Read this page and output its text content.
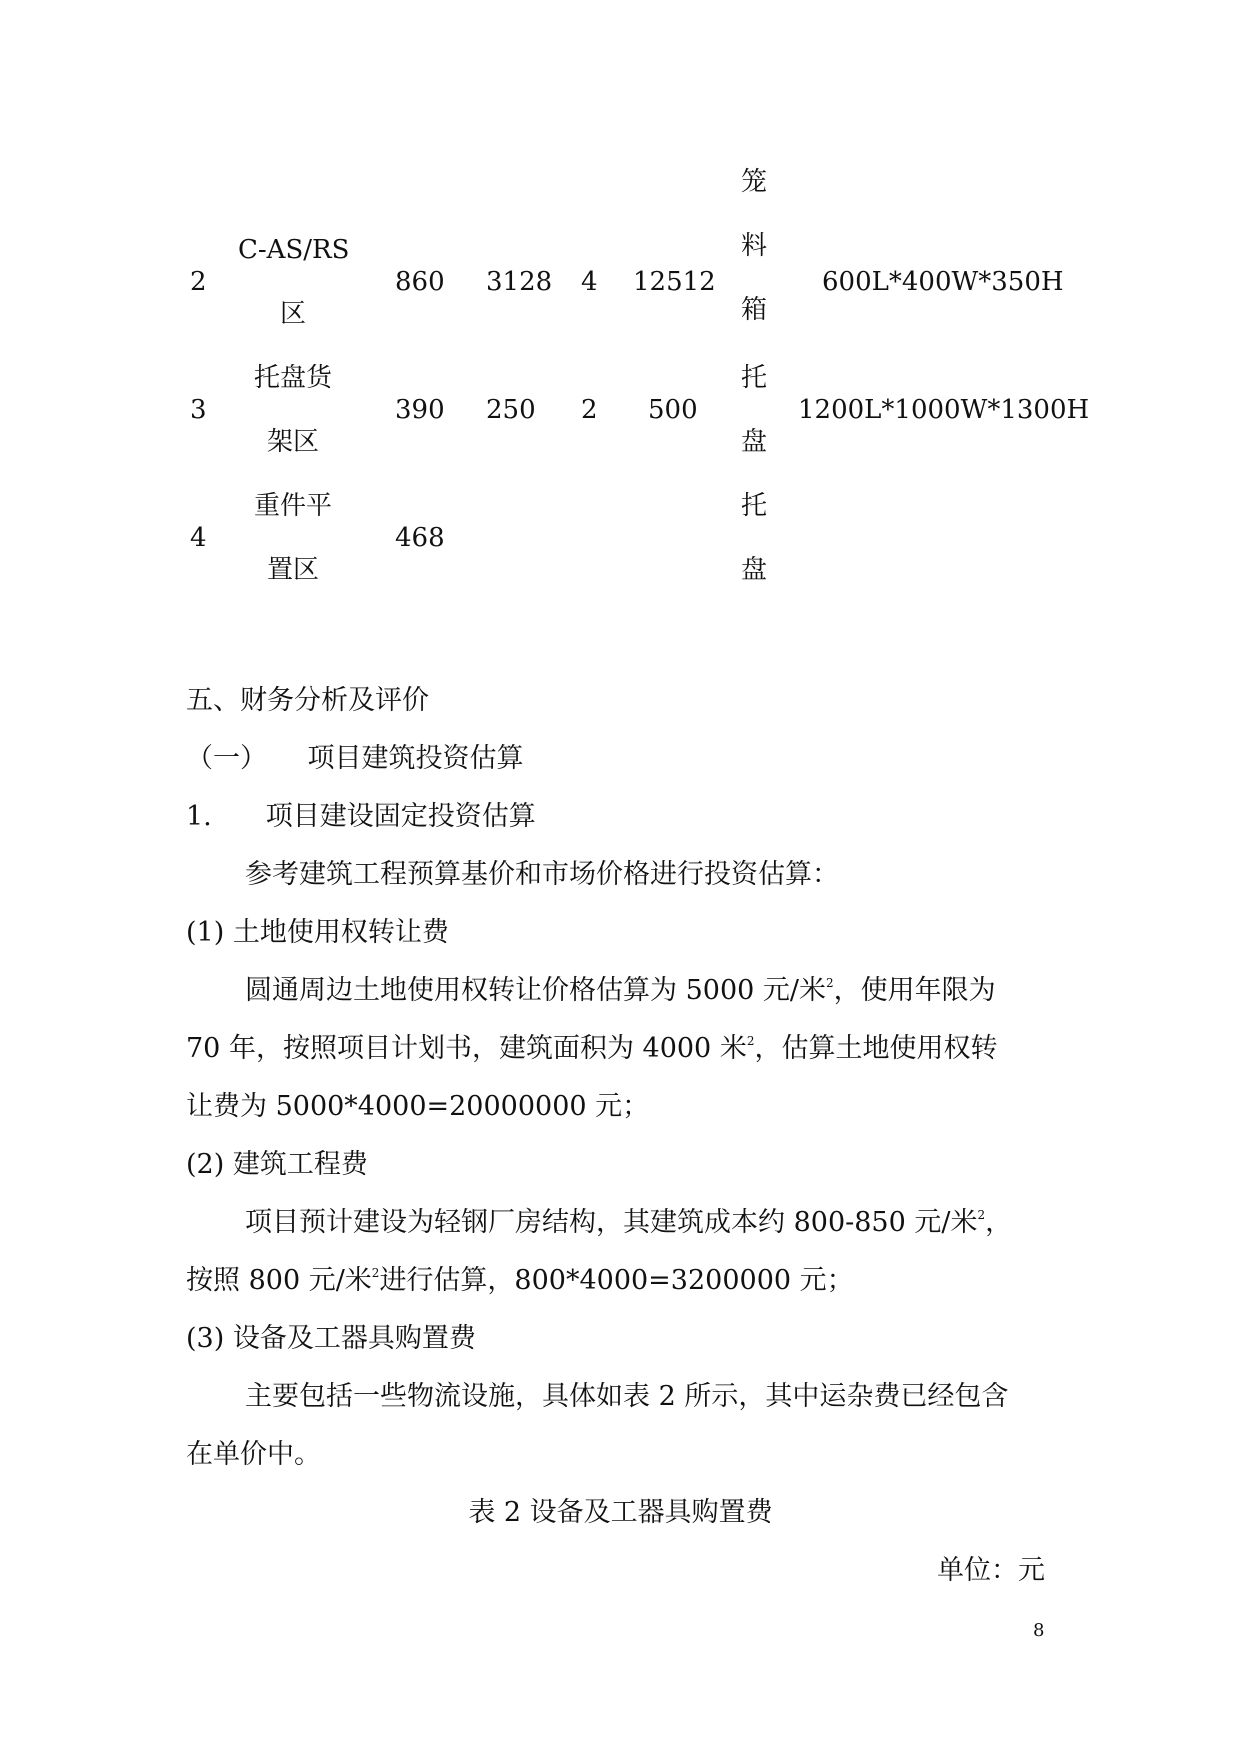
2
C-AS/RS
区
860 3128 4 12512
笼
料
箱
600L*400W*350H
3
托盘货
架区
390 250 2 500
托
盘
1200L*1000W*1300H
4
重件平
置区
468
托
盘
五、财务分析及评价
（一）　　项目建筑投资估算
1.　　项目建设固定投资估算
参考建筑工程预算基价和市场价格进行投资估算：
(1) 土地使用权转让费
圆通周边土地使用权转让价格估算为 5000 元/米$^2$，使用年限为
70 年，按照项目计划书，建筑面积为 4000 米$^2$，估算土地使用权转
让费为 5000*4000=20000000 元；
(2) 建筑工程费
项目预计建设为轻钢厂房结构，其建筑成本约 800-850 元/米$^2$，
按照 800 元/米$^2$进行估算，800*4000=3200000 元；
(3) 设备及工器具购置费
主要包括一些物流设施，具体如表 2 所示，其中运杂费已经包含
在单价中。
表 2 设备及工器具购置费
单位：元
8
